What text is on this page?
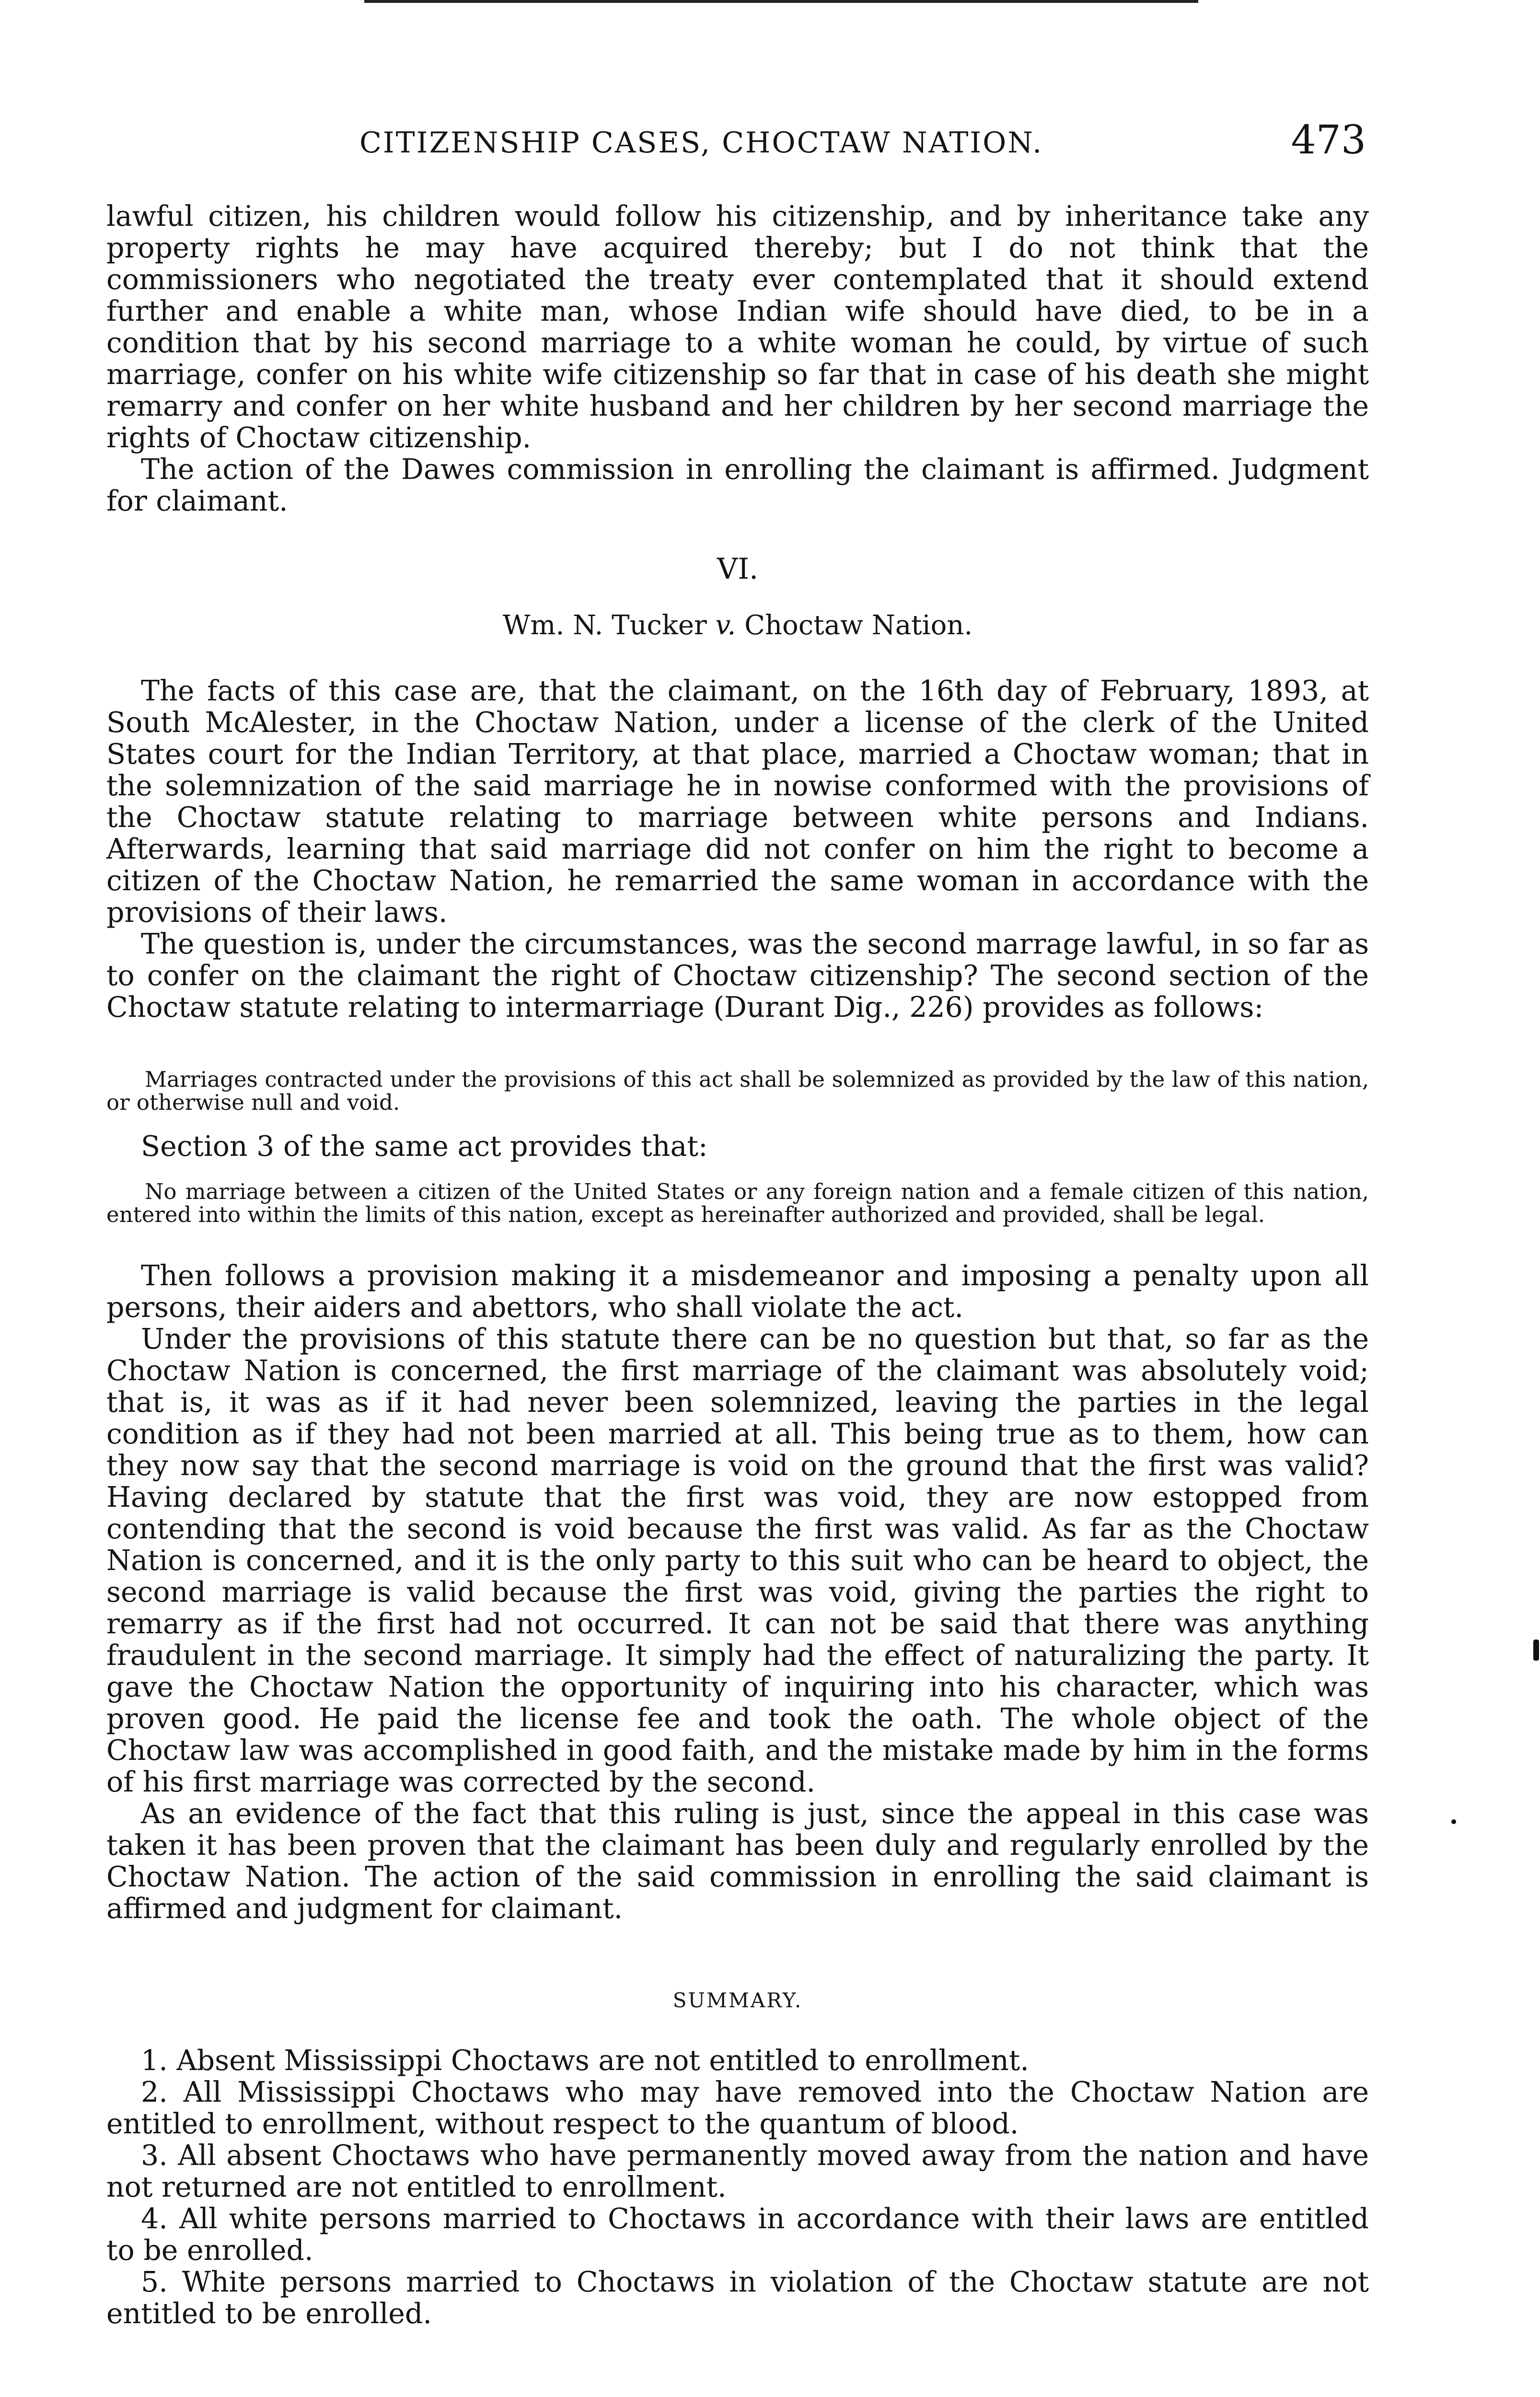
CITIZENSHIP CASES, CHOCTAW NATION.	473

lawful citizen, his children would follow his citizenship, and by inheritance take any property rights he may have acquired thereby; but I do not think that the commissioners who negotiated the treaty ever contemplated that it should extend further and enable a white man, whose Indian wife should have died, to be in a condition that by his second marriage to a white woman he could, by virtue of such marriage, confer on his white wife citizenship so far that in case of his death she might remarry and confer on her white husband and her children by her second marriage the rights of Choctaw citizenship.

The action of the Dawes commission in enrolling the claimant is affirmed. Judgment for claimant.

VI.

Wm. N. Tucker v. Choctaw Nation.

The facts of this case are, that the claimant, on the 16th day of February, 1893, at South McAlester, in the Choctaw Nation, under a license of the clerk of the United States court for the Indian Territory, at that place, married a Choctaw woman; that in the solemnization of the said marriage he in nowise conformed with the provisions of the Choctaw statute relating to marriage between white persons and Indians. Afterwards, learning that said marriage did not confer on him the right to become a citizen of the Choctaw Nation, he remarried the same woman in accordance with the provisions of their laws.

The question is, under the circumstances, was the second marrage lawful, in so far as to confer on the claimant the right of Choctaw citizenship? The second section of the Choctaw statute relating to intermarriage (Durant Dig., 226) provides as follows:

Marriages contracted under the provisions of this act shall be solemnized as provided by the law of this nation, or otherwise null and void.

Section 3 of the same act provides that:

No marriage between a citizen of the United States or any foreign nation and a female citizen of this nation, entered into within the limits of this nation, except as hereinafter authorized and provided, shall be legal.

Then follows a provision making it a misdemeanor and imposing a penalty upon all persons, their aiders and abettors, who shall violate the act.

Under the provisions of this statute there can be no question but that, so far as the Choctaw Nation is concerned, the first marriage of the claimant was absolutely void; that is, it was as if it had never been solemnized, leaving the parties in the legal condition as if they had not been married at all. This being true as to them, how can they now say that the second marriage is void on the ground that the first was valid? Having declared by statute that the first was void, they are now estopped from contending that the second is void because the first was valid. As far as the Choctaw Nation is concerned, and it is the only party to this suit who can be heard to object, the second marriage is valid because the first was void, giving the parties the right to remarry as if the first had not occurred. It can not be said that there was anything fraudulent in the second marriage. It simply had the effect of naturalizing the party. It gave the Choctaw Nation the opportunity of inquiring into his character, which was proven good. He paid the license fee and took the oath. The whole object of the Choctaw law was accomplished in good faith, and the mistake made by him in the forms of his first marriage was corrected by the second.

As an evidence of the fact that this ruling is just, since the appeal in this case was taken it has been proven that the claimant has been duly and regularly enrolled by the Choctaw Nation. The action of the said commission in enrolling the said claimant is affirmed and judgment for claimant.

SUMMARY.

1. Absent Mississippi Choctaws are not entitled to enrollment.

2. All Mississippi Choctaws who may have removed into the Choctaw Nation are entitled to enrollment, without respect to the quantum of blood.

3. All absent Choctaws who have permanently moved away from the nation and have not returned are not entitled to enrollment.

4. All white persons married to Choctaws in accordance with their laws are entitled to be enrolled.

5. White persons married to Choctaws in violation of the Choctaw statute are not entitled to be enrolled.
